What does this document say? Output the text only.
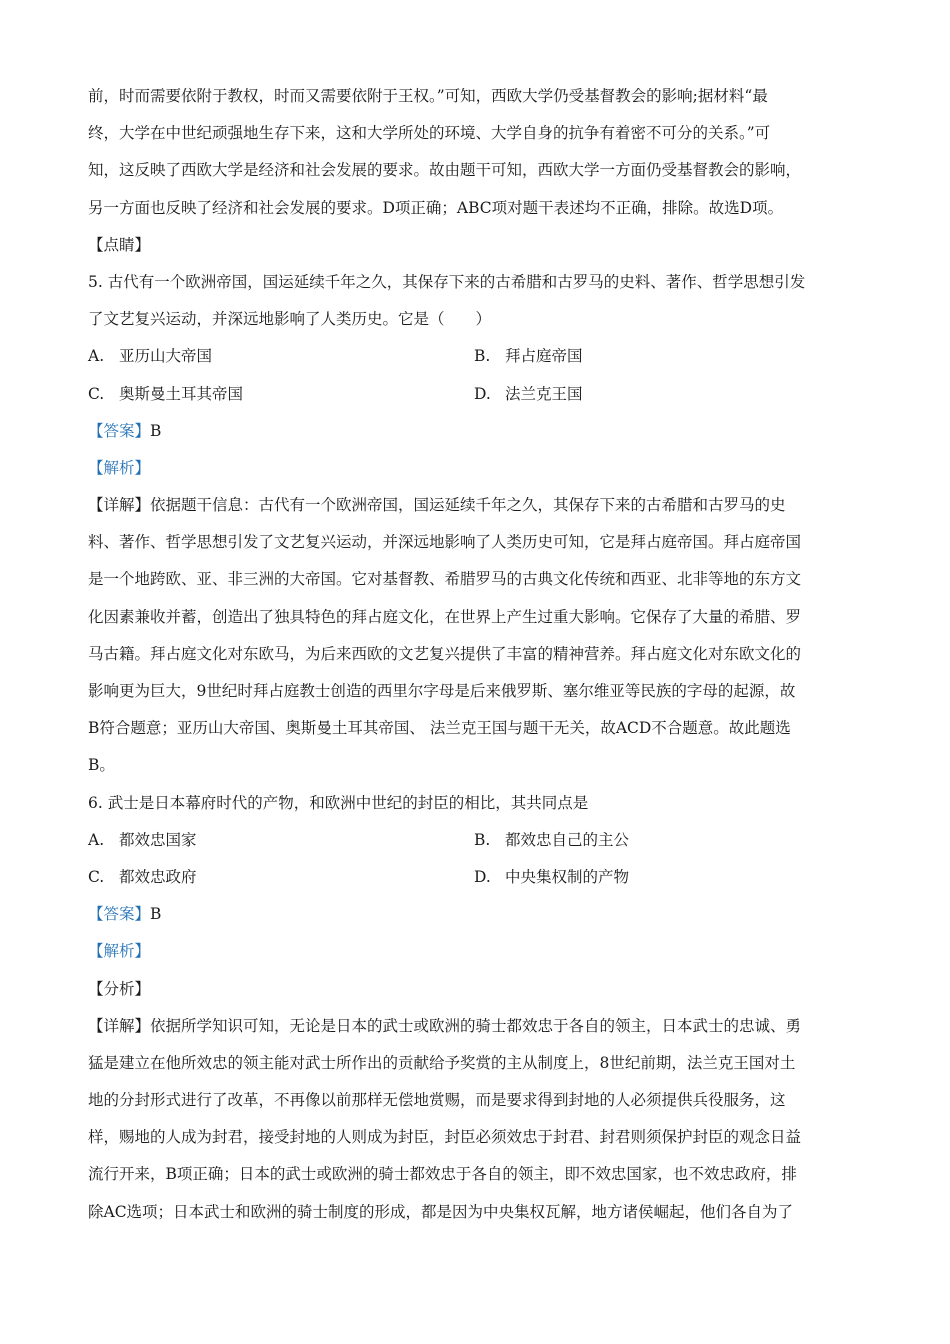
前，时而需要依附于教权，时而又需要依附于王权。”可知，西欧大学仍受基督教会的影响;据材料“最
终，大学在中世纪顽强地生存下来，这和大学所处的环境、大学自身的抗争有着密不可分的关系。”可
知，这反映了西欧大学是经济和社会发展的要求。故由题干可知，西欧大学一方面仍受基督教会的影响，
另一方面也反映了经济和社会发展的要求。D项正确；ABC项对题干表述均不正确，排除。故选D项。
【点睛】
5. 古代有一个欧洲帝国，国运延续千年之久，其保存下来的古希腊和古罗马的史料、著作、哲学思想引发
了文艺复兴运动，并深远地影响了人类历史。它是（　　）
A. 亚历山大帝国	B. 拜占庭帝国
C. 奥斯曼土耳其帝国	D. 法兰克王国
【答案】B
【解析】
【详解】依据题干信息：古代有一个欧洲帝国，国运延续千年之久，其保存下来的古希腊和古罗马的史
料、著作、哲学思想引发了文艺复兴运动，并深远地影响了人类历史可知，它是拜占庭帝国。拜占庭帝国
是一个地跨欧、亚、非三洲的大帝国。它对基督教、希腊罗马的古典文化传统和西亚、北非等地的东方文
化因素兼收并蓄，创造出了独具特色的拜占庭文化，在世界上产生过重大影响。它保存了大量的希腊、罗
马古籍。拜占庭文化对东欧马，为后来西欧的文艺复兴提供了丰富的精神营养。拜占庭文化对东欧文化的
影响更为巨大，9世纪时拜占庭教士创造的西里尔字母是后来俄罗斯、塞尔维亚等民族的字母的起源，故
B符合题意；亚历山大帝国、奥斯曼土耳其帝国、 法兰克王国与题干无关，故ACD不合题意。故此题选
B。
6. 武士是日本幕府时代的产物，和欧洲中世纪的封臣的相比，其共同点是
A. 都效忠国家	B. 都效忠自己的主公
C. 都效忠政府	D. 中央集权制的产物
【答案】B
【解析】
【分析】
【详解】依据所学知识可知，无论是日本的武士或欧洲的骑士都效忠于各自的领主，日本武士的忠诚、勇
猛是建立在他所效忠的领主能对武士所作出的贡献给予奖赏的主从制度上，8世纪前期，法兰克王国对土
地的分封形式进行了改革，不再像以前那样无偿地赏赐，而是要求得到封地的人必须提供兵役服务，这
样，赐地的人成为封君，接受封地的人则成为封臣，封臣必须效忠于封君、封君则须保护封臣的观念日益
流行开来，B项正确；日本的武士或欧洲的骑士都效忠于各自的领主，即不效忠国家，也不效忠政府，排
除AC选项；日本武士和欧洲的骑士制度的形成，都是因为中央集权瓦解，地方诸侯崛起，他们各自为了
